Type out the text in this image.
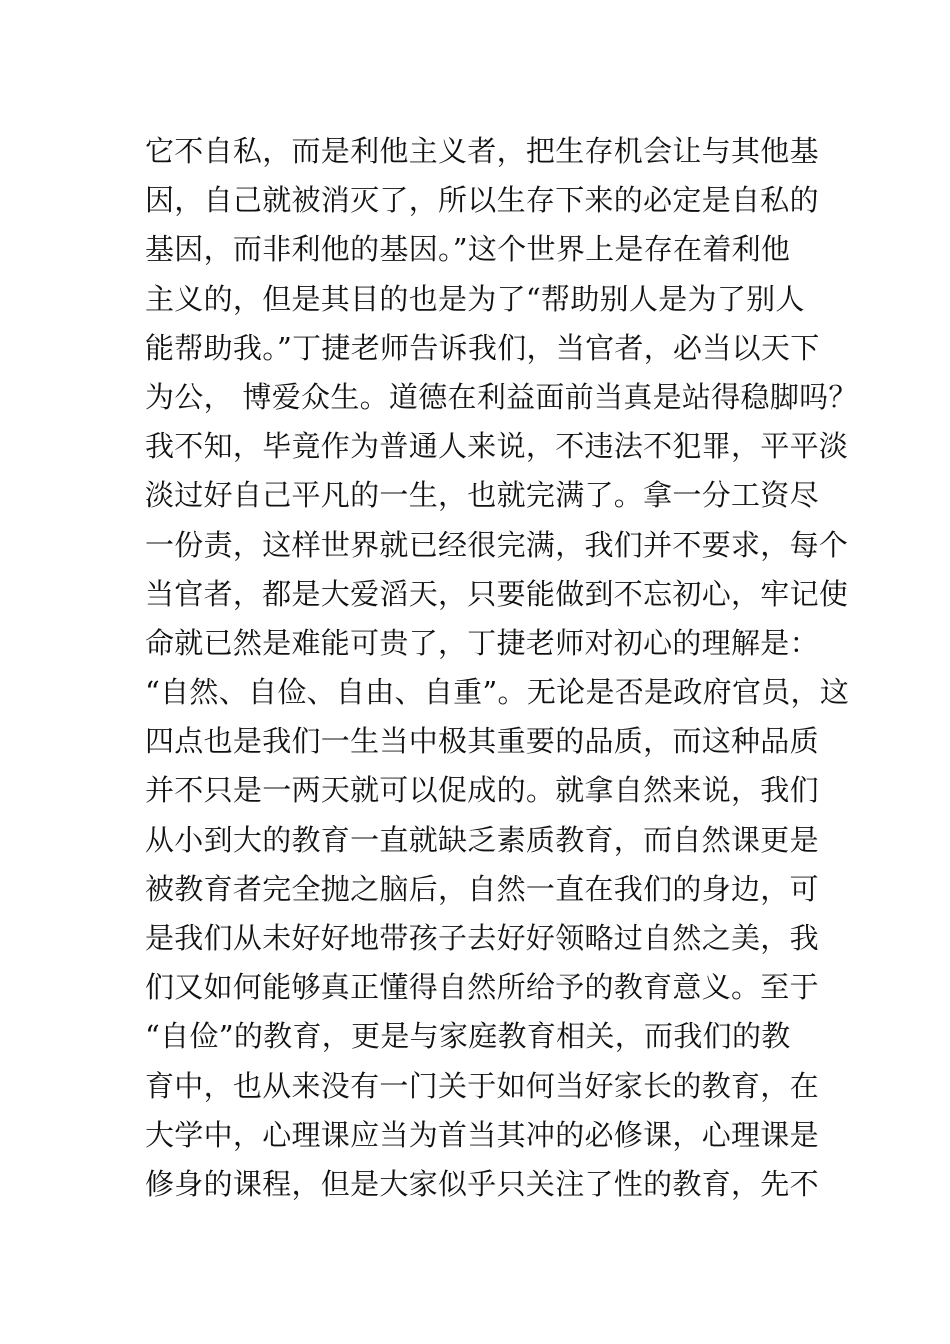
它不自私，而是利他主义者，把生存机会让与其他基
因，自己就被消灭了，所以生存下来的必定是自私的
基因，而非利他的基因。”这个世界上是存在着利他
主义的，但是其目的也是为了“帮助别人是为了别人
能帮助我。”丁捷老师告诉我们，当官者，必当以天下
为公， 博爱众生。道德在利益面前当真是站得稳脚吗？
我不知，毕竟作为普通人来说，不违法不犯罪，平平淡
淡过好自己平凡的一生，也就完满了。拿一分工资尽
一份责，这样世界就已经很完满，我们并不要求，每个
当官者，都是大爱滔天，只要能做到不忘初心，牢记使
命就已然是难能可贵了，丁捷老师对初心的理解是：
“自然、自俭、自由、自重”。无论是否是政府官员，这
四点也是我们一生当中极其重要的品质，而这种品质
并不只是一两天就可以促成的。就拿自然来说，我们
从小到大的教育一直就缺乏素质教育，而自然课更是
被教育者完全抛之脑后，自然一直在我们的身边，可
是我们从未好好地带孩子去好好领略过自然之美，我
们又如何能够真正懂得自然所给予的教育意义。至于
“自俭”的教育，更是与家庭教育相关，而我们的教
育中，也从来没有一门关于如何当好家长的教育，在
大学中，心理课应当为首当其冲的必修课，心理课是
修身的课程，但是大家似乎只关注了性的教育，先不
